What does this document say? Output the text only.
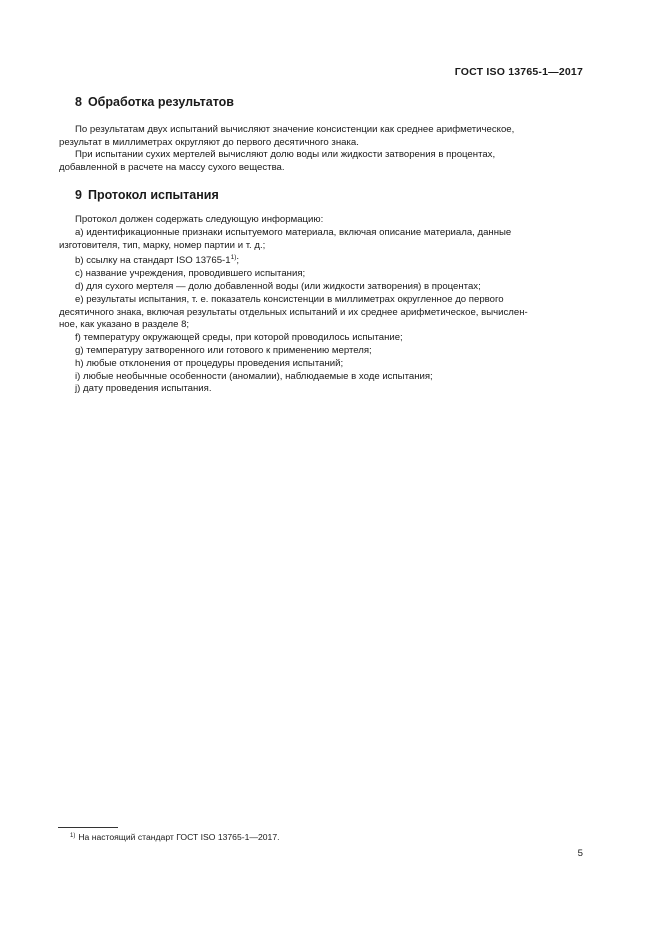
ГОСТ ISO 13765-1—2017
8 Обработка результатов
По результатам двух испытаний вычисляют значение консистенции как среднее арифметическое,
результат в миллиметрах округляют до первого десятичного знака.
При испытании сухих мертелей вычисляют долю воды или жидкости затворения в процентах,
добавленной в расчете на массу сухого вещества.
9 Протокол испытания
Протокол должен содержать следующую информацию:
a) идентификационные признаки испытуемого материала, включая описание материала, данные
изготовителя, тип, марку, номер партии и т. д.;
b) ссылку на стандарт ISO 13765-1$^{1)}$;
c) название учреждения, проводившего испытания;
d) для сухого мертеля — долю добавленной воды (или жидкости затворения) в процентах;
e) результаты испытания, т. е. показатель консистенции в миллиметрах округленное до первого
десятичного знака, включая результаты отдельных испытаний и их среднее арифметическое, вычислен-
ное, как указано в разделе 8;
f) температуру окружающей среды, при которой проводилось испытание;
g) температуру затворенного или готового к применению мертеля;
h) любые отклонения от процедуры проведения испытаний;
i) любые необычные особенности (аномалии), наблюдаемые в ходе испытания;
j) дату проведения испытания.
$^{1)}$ На настоящий стандарт ГОСТ ISO 13765-1—2017.
5
